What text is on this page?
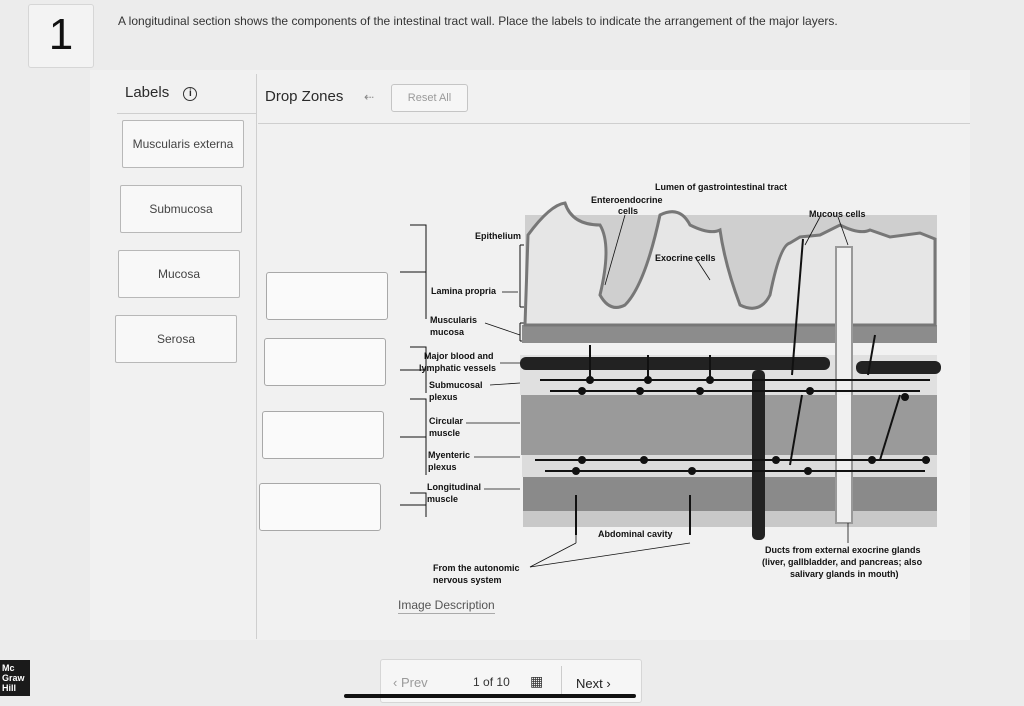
1	A longitudinal section shows the components of the intestinal tract wall. Place the labels to indicate the arrangement of the major layers.
Labels i
Muscularis externa
Submucosa
Mucosa
Serosa
Drop Zones ⇠	Reset All
Lumen of gastrointestinal tract
Enteroendocrine
cells	Mucous cells
Exocrine cells
Epithelium
Lamina propria
Muscularis
mucosa
Major blood and
lymphatic vessels
Submucosal
plexus
Circular
muscle
Myenteric
plexus
Longitudinal
muscle
Abdominal cavity
From the autonomic
nervous system
Ducts from external exocrine glands
(liver, gallbladder, and pancreas; also
salivary glands in mouth)
Image Description
‹ Prev	1 of 10 ▦	Next ›
Mc
Graw
Hill
